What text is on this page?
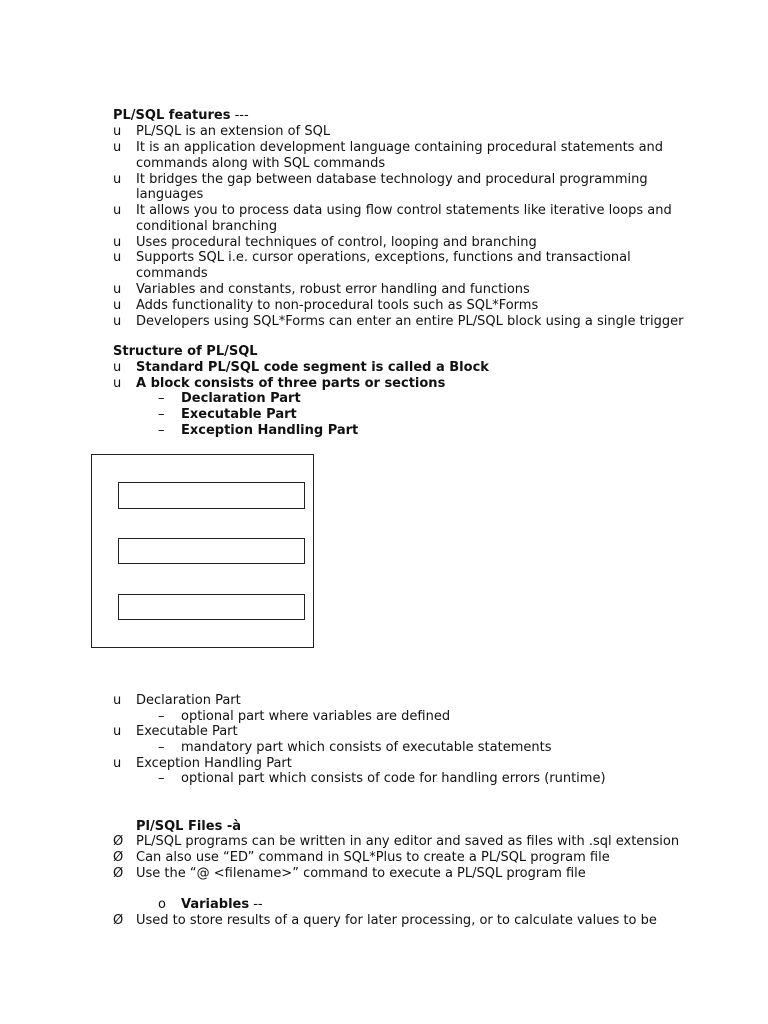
PL/SQL features ---
u PL/SQL is an extension of SQL
u It is an application development language containing procedural statements and
commands along with SQL commands
u It bridges the gap between database technology and procedural programming
languages
u It allows you to process data using flow control statements like iterative loops and
conditional branching
u Uses procedural techniques of control, looping and branching
u Supports SQL i.e. cursor operations, exceptions, functions and transactional
commands
u Variables and constants, robust error handling and functions
u Adds functionality to non-procedural tools such as SQL*Forms
u Developers using SQL*Forms can enter an entire PL/SQL block using a single trigger
Structure of PL/SQL
u Standard PL/SQL code segment is called a Block
u A block consists of three parts or sections
– Declaration Part
– Executable Part
– Exception Handling Part
u Declaration Part
– optional part where variables are defined
u Executable Part
– mandatory part which consists of executable statements
u Exception Handling Part
– optional part which consists of code for handling errors (runtime)
Pl/SQL Files -à
Ø PL/SQL programs can be written in any editor and saved as files with .sql extension
Ø Can also use “ED” command in SQL*Plus to create a PL/SQL program file
Ø Use the “@ <filename>” command to execute a PL/SQL program file
o Variables --
Ø Used to store results of a query for later processing, or to calculate values to be
